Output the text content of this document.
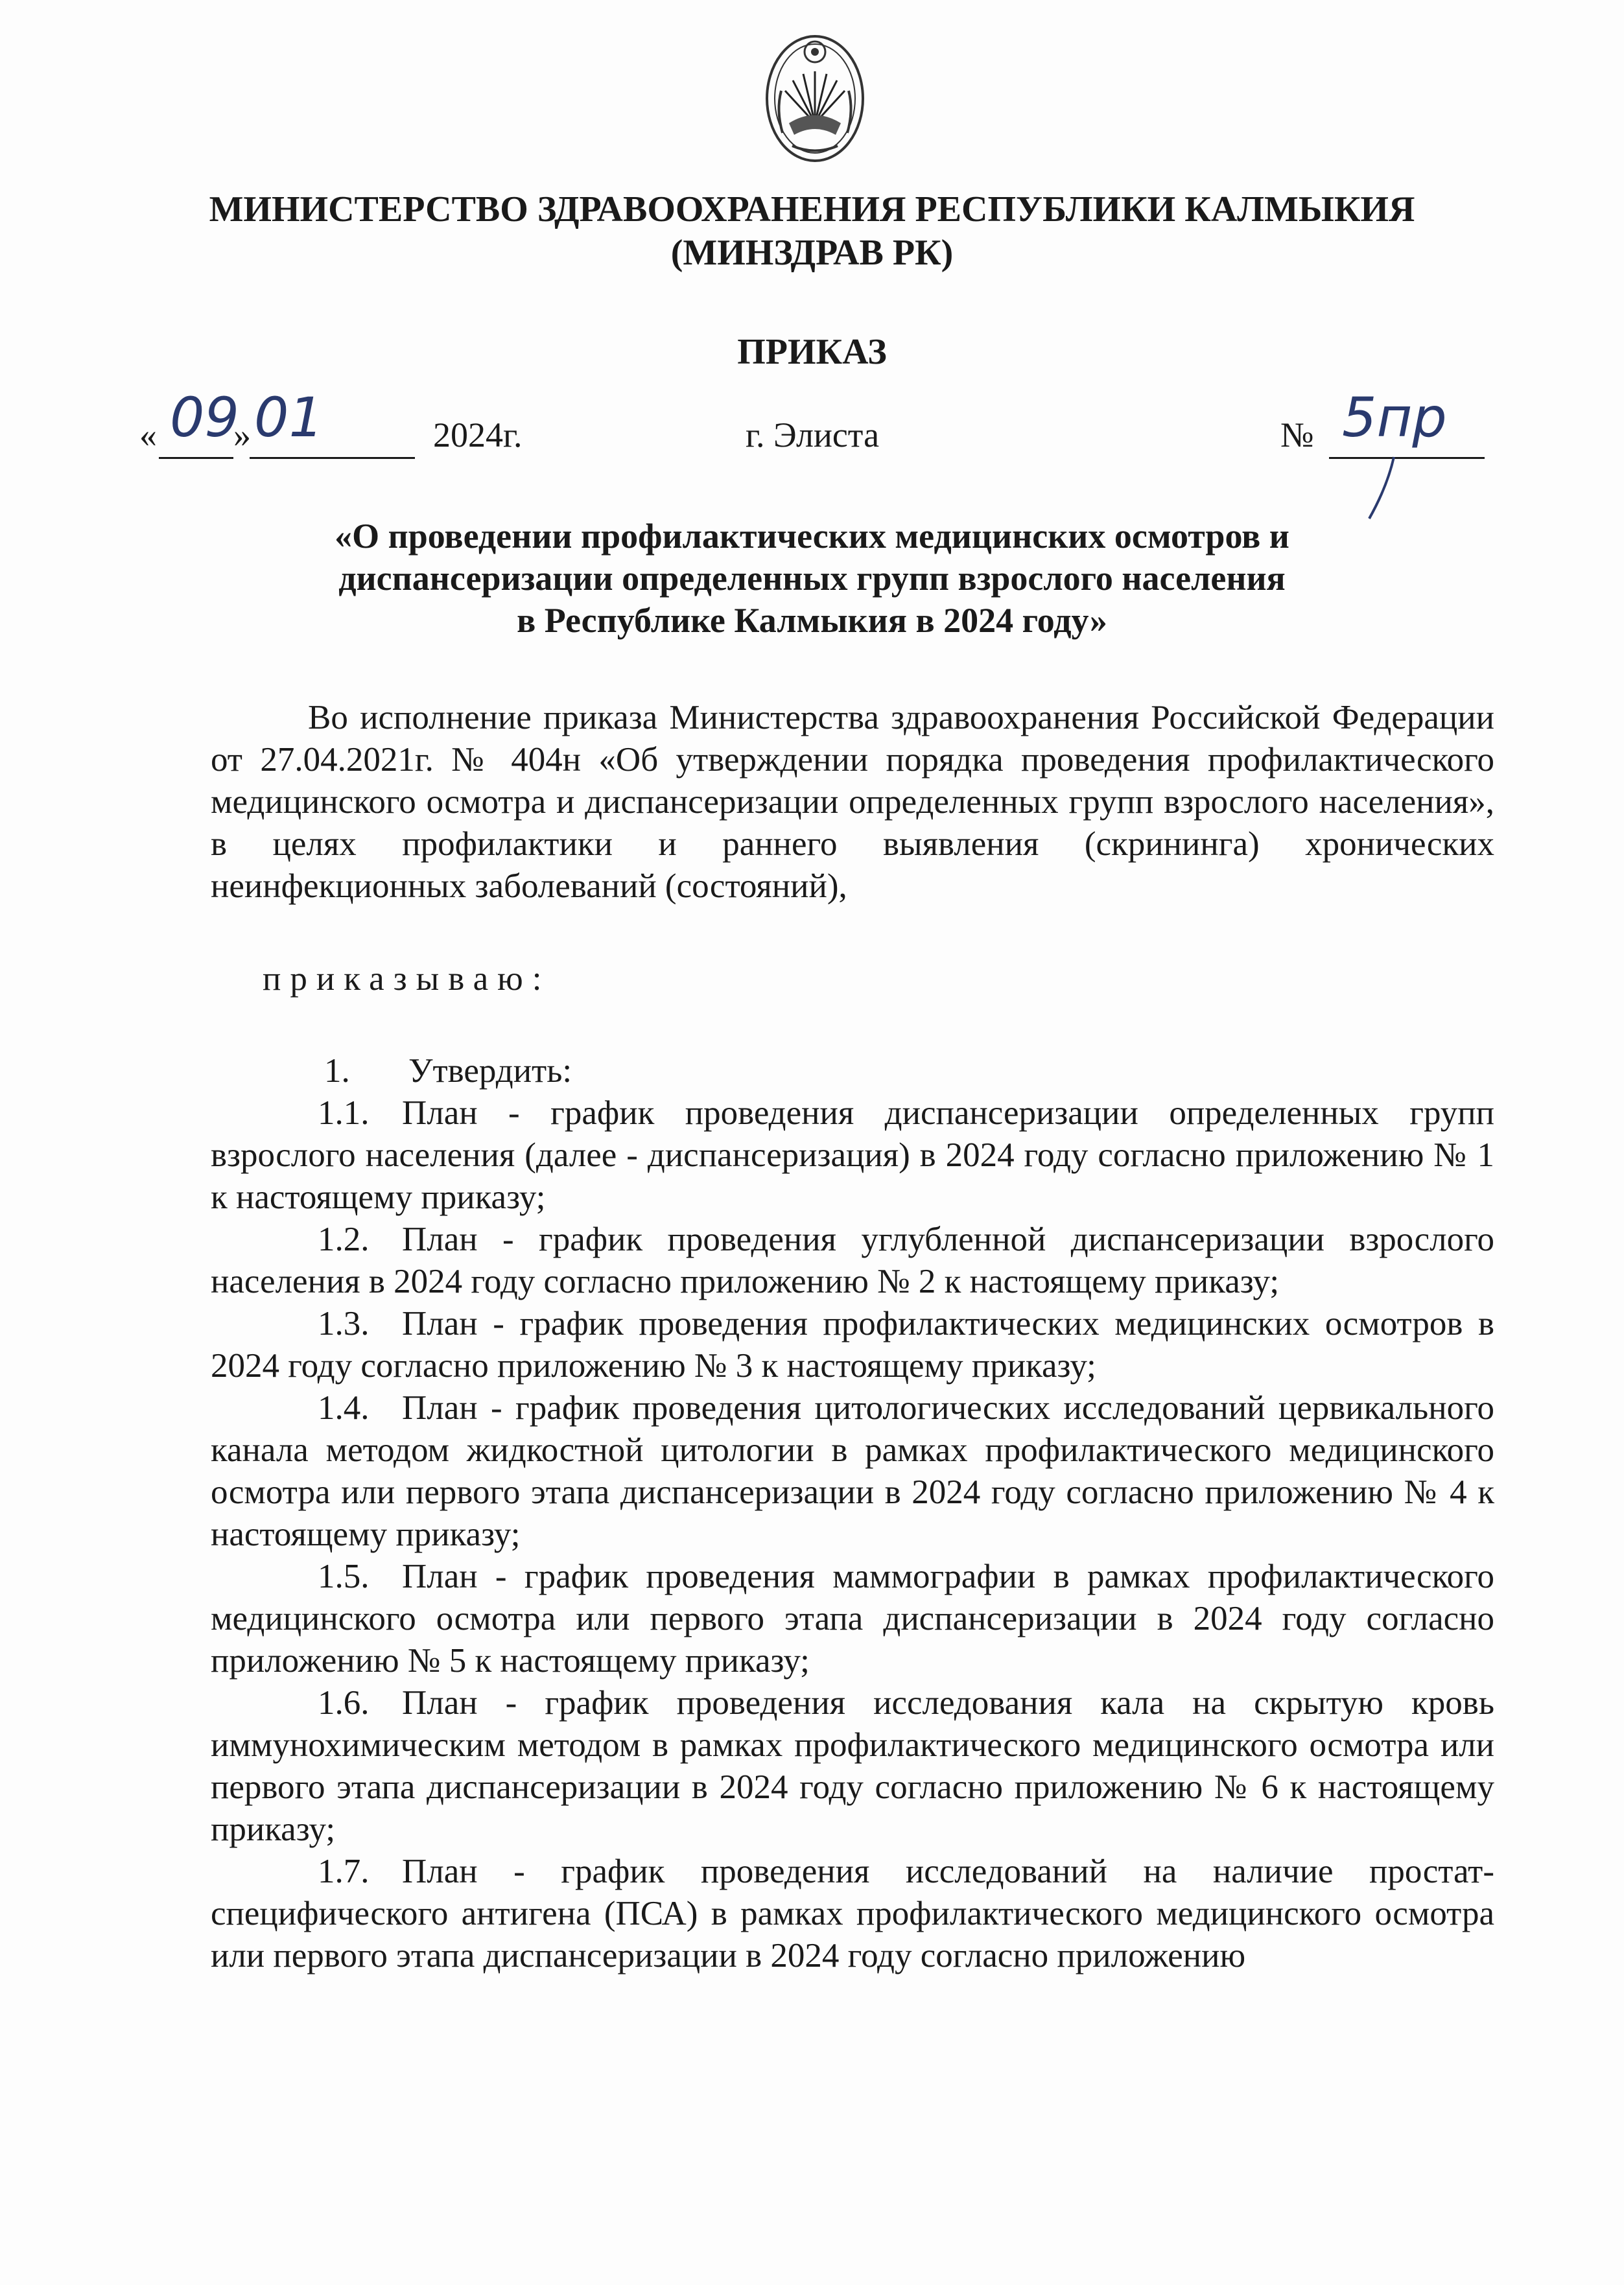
МИНИСТЕРСТВО ЗДРАВООХРАНЕНИЯ РЕСПУБЛИКИ КАЛМЫКИЯ
(МИНЗДРАВ РК)
ПРИКАЗ
« 09
» 01	2024г.	г. Элиста	№ 5пр
«О проведении профилактических медицинских осмотров и
диспансеризации определенных групп взрослого населения
в Республике Калмыкия в 2024 году»

Во исполнение приказа Министерства здравоохранения Российской Федерации от 27.04.2021г. № 404н «Об утверждении порядка проведения профилактического медицинского осмотра и диспансеризации определенных групп взрослого населения», в целях профилактики и раннего выявления (скрининга) хронических неинфекционных заболеваний (состояний),

приказываю:

1. Утвердить:

1.1. План - график проведения диспансеризации определенных групп взрослого населения (далее - диспансеризация) в 2024 году согласно приложению № 1 к настоящему приказу;

1.2. План - график проведения углубленной диспансеризации взрослого населения в 2024 году согласно приложению № 2 к настоящему приказу;

1.3. План - график проведения профилактических медицинских осмотров в 2024 году согласно приложению № 3 к настоящему приказу;

1.4. План - график проведения цитологических исследований цервикального канала методом жидкостной цитологии в рамках профилактического медицинского осмотра или первого этапа диспансеризации в 2024 году согласно приложению № 4 к настоящему приказу;

1.5. План - график проведения маммографии в рамках профилактического медицинского осмотра или первого этапа диспансеризации в 2024 году согласно приложению № 5 к настоящему приказу;

1.6. План - график проведения исследования кала на скрытую кровь иммунохимическим методом в рамках профилактического медицинского осмотра или первого этапа диспансеризации в 2024 году согласно приложению № 6 к настоящему приказу;

1.7. План - график проведения исследований на наличие простат-специфического антигена (ПСА) в рамках профилактического медицинского осмотра или первого этапа диспансеризации в 2024 году согласно приложению
